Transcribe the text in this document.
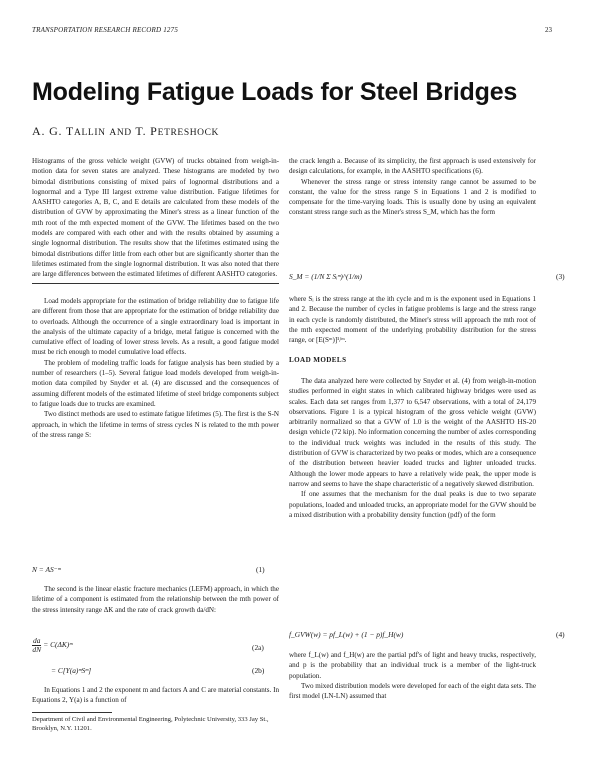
TRANSPORTATION RESEARCH RECORD 1275	23
Modeling Fatigue Loads for Steel Bridges
A. G. TALLIN AND T. PETRESHOCK

Histograms of the gross vehicle weight (GVW) of trucks obtained from weigh-in-motion data for seven states are analyzed. These histograms are modeled by two bimodal distributions consisting of mixed pairs of lognormal distributions and a lognormal and a Type III largest extreme value distribution. Fatigue lifetimes for AASHTO categories A, B, C, and E details are calculated from these models of the distribution of GVW by approximating the Miner's stress as a linear function of the mth root of the mth expected moment of the GVW. The lifetimes based on the two models are compared with each other and with the results obtained by assuming a single lognormal distribution. The results show that the lifetimes estimated using the bimodal distributions differ little from each other but are significantly shorter than the lifetimes estimated from the single lognormal distribution. It was also noted that there are large differences between the estimated lifetimes of different AASHTO categories.

Load models appropriate for the estimation of bridge reliability due to fatigue life are different from those that are appropriate for the estimation of bridge reliability due to overloads. Although the occurrence of a single extraordinary load is important in the analysis of the ultimate capacity of a bridge, metal fatigue is concerned with the cumulative effect of loading of lower stress levels. As a result, a good fatigue model must be rich enough to model cumulative load effects.

The problem of modeling traffic loads for fatigue analysis has been studied by a number of researchers (1–5). Several fatigue load models developed from weigh-in-motion data compiled by Snyder et al. (4) are discussed and the consequences of assuming different models of the estimated lifetime of steel bridge components subject to fatigue loads due to trucks are examined.

Two distinct methods are used to estimate fatigue lifetimes (5). The first is the S-N approach, in which the lifetime in terms of stress cycles N is related to the mth power of the stress range S:

N = AS⁻ᵐ	(1)

The second is the linear elastic fracture mechanics (LEFM) approach, in which the lifetime of a component is estimated from the relationship between the mth power of the stress intensity range ΔK and the rate of crack growth da/dN:

$\frac{da}{dN}$ = C(ΔK)ᵐ	(2a)
= C[Y(a)ᵐSᵐ]	(2b)

In Equations 1 and 2 the exponent m and factors A and C are material constants. In Equations 2, Y(a) is a function of

Department of Civil and Environmental Engineering, Polytechnic University, 333 Jay St., Brooklyn, N.Y. 11201.

the crack length a. Because of its simplicity, the first approach is used extensively for design calculations, for example, in the AASHTO specifications (6).

Whenever the stress range or stress intensity range cannot be assumed to be constant, the value for the stress range S in Equations 1 and 2 is modified to compensate for the time-varying loads. This is usually done by using an equivalent constant stress range such as the Miner's stress S_M, which has the form

S_M = (1/N Σ Sᵢᵐ)^(1/m)	(3)

where Sᵢ is the stress range at the ith cycle and m is the exponent used in Equations 1 and 2. Because the number of cycles in fatigue problems is large and the stress range in each cycle is randomly distributed, the Miner's stress will approach the mth root of the mth expected moment of the underlying probability distribution for the stress range, or [E(Sᵐ)]¹/ᵐ.

LOAD MODELS

The data analyzed here were collected by Snyder et al. (4) from weigh-in-motion studies performed in eight states in which calibrated highway bridges were used as scales. Each data set ranges from 1,377 to 6,547 observations, with a total of 24,179 observations. Figure 1 is a typical histogram of the gross vehicle weight (GVW) arbitrarily normalized so that a GVW of 1.0 is the weight of the AASHTO HS-20 design vehicle (72 kip). No information concerning the number of axles corresponding to the individual truck weights was included in the results of this study. The distribution of GVW is characterized by two peaks or modes, which are a consequence of the distribution between heavier loaded trucks and lighter unloaded trucks. Although the lower mode appears to have a relatively wide peak, the upper mode is narrow and seems to have the shape characteristic of a negatively skewed distribution.

If one assumes that the mechanism for the dual peaks is due to two separate populations, loaded and unloaded trucks, an appropriate model for the GVW should be a mixed distribution with a probability density function (pdf) of the form

f_GVW(w) = pf_L(w) + (1 − p)f_H(w)	(4)

where f_L(w) and f_H(w) are the partial pdf's of light and heavy trucks, respectively, and p is the probability that an individual truck is a member of the light-truck population.

Two mixed distribution models were developed for each of the eight data sets. The first model (LN-LN) assumed that
